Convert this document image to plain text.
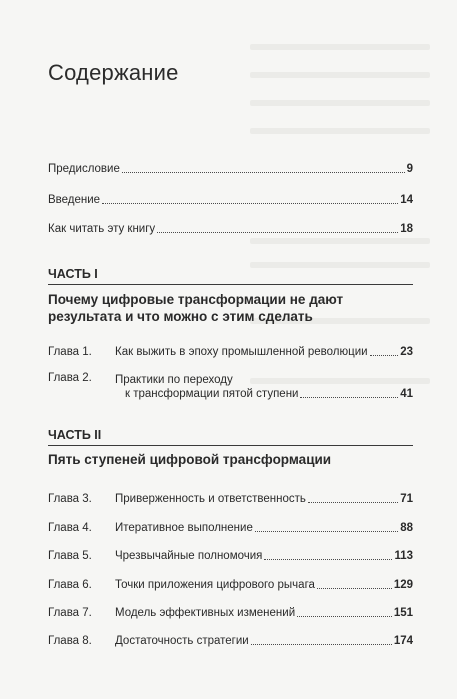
Содержание
Предисловие	9
Введение	14
Как читать эту книгу	18
ЧАСТЬ I
Почему цифровые трансформации не дают
результата и что можно с этим сделать
Глава 1.	Как выжить в эпоху промышленной революции	23
Глава 2.	Практики по переходу
к трансформации пятой ступени	41
ЧАСТЬ II
Пять ступеней цифровой трансформации
Глава 3.	Приверженность и ответственность	71
Глава 4.	Итеративное выполнение	88
Глава 5.	Чрезвычайные полномочия	113
Глава 6.	Точки приложения цифрового рычага	129
Глава 7.	Модель эффективных изменений	151
Глава 8.	Достаточность стратегии	174
